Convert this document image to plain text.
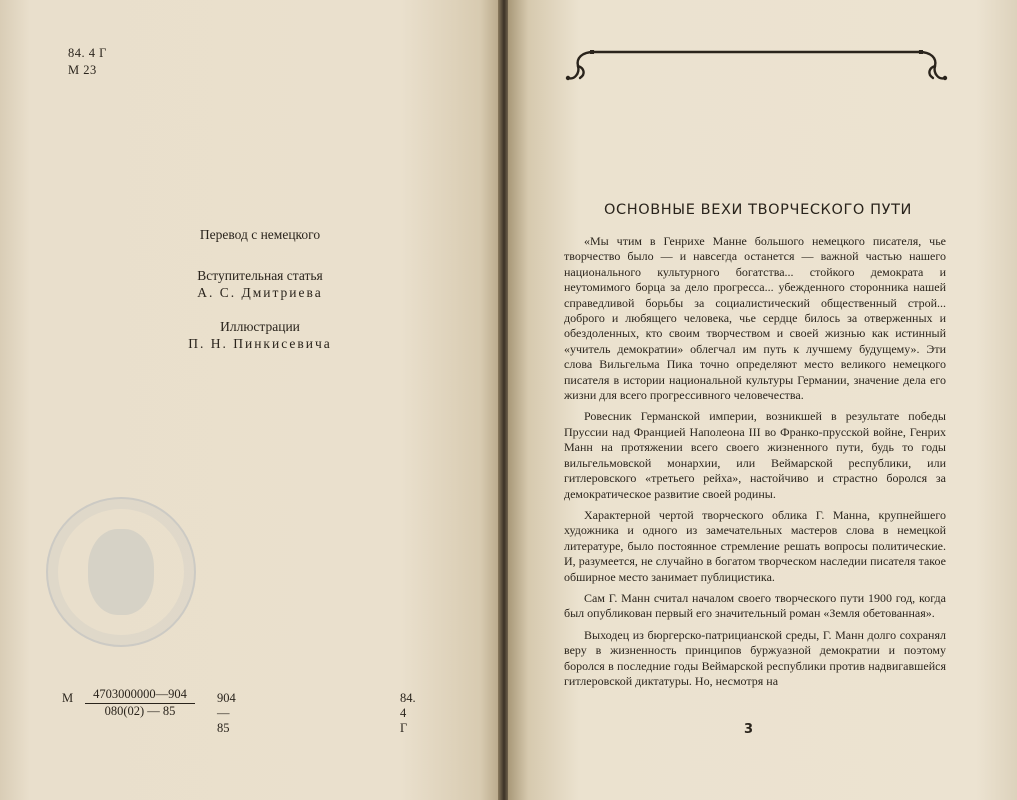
84. 4 Г
М 23
Перевод с немецкого
Вступительная статья
А. С. Дмитриева
Иллюстрации
П. Н. Пинкисевича
М $\frac{4703000000—904}{080(02) — 85}$ 904—85
84. 4 Г
ОСНОВНЫЕ ВЕХИ ТВОРЧЕСКОГО ПУТИ

«Мы чтим в Генрихе Манне большого немецкого писателя, чье творчество было — и навсегда останется — важной частью нашего национального культурного богатства... стойкого демократа и неутомимого борца за дело прогресса... убежденного сторонника нашей справедливой борьбы за социалистический общественный строй... доброго и любящего человека, чье сердце билось за отверженных и обездоленных, кто своим творчеством и своей жизнью как истинный «учитель демократии» облегчал им путь к лучшему будущему». Эти слова Вильгельма Пика точно определяют место великого немецкого писателя в истории национальной культуры Германии, значение дела его жизни для всего прогрессивного человечества.

Ровесник Германской империи, возникшей в результате победы Пруссии над Францией Наполеона III во Франко-прусской войне, Генрих Манн на протяжении всего своего жизненного пути, будь то годы вильгельмовской монархии, или Веймарской республики, или гитлеровского «третьего рейха», настойчиво и страстно боролся за демократическое развитие своей родины.

Характерной чертой творческого облика Г. Манна, крупнейшего художника и одного из замечательных мастеров слова в немецкой литературе, было постоянное стремление решать вопросы политические. И, разумеется, не случайно в богатом творческом наследии писателя такое обширное место занимает публицистика.

Сам Г. Манн считал началом своего творческого пути 1900 год, когда был опубликован первый его значительный роман «Земля обетованная».

Выходец из бюргерско-патрицианской среды, Г. Манн долго сохранял веру в жизненность принципов буржуазной демократии и поэтому боролся в последние годы Веймарской республики против надвигавшейся гитлеровской диктатуры. Но, несмотря на

3
